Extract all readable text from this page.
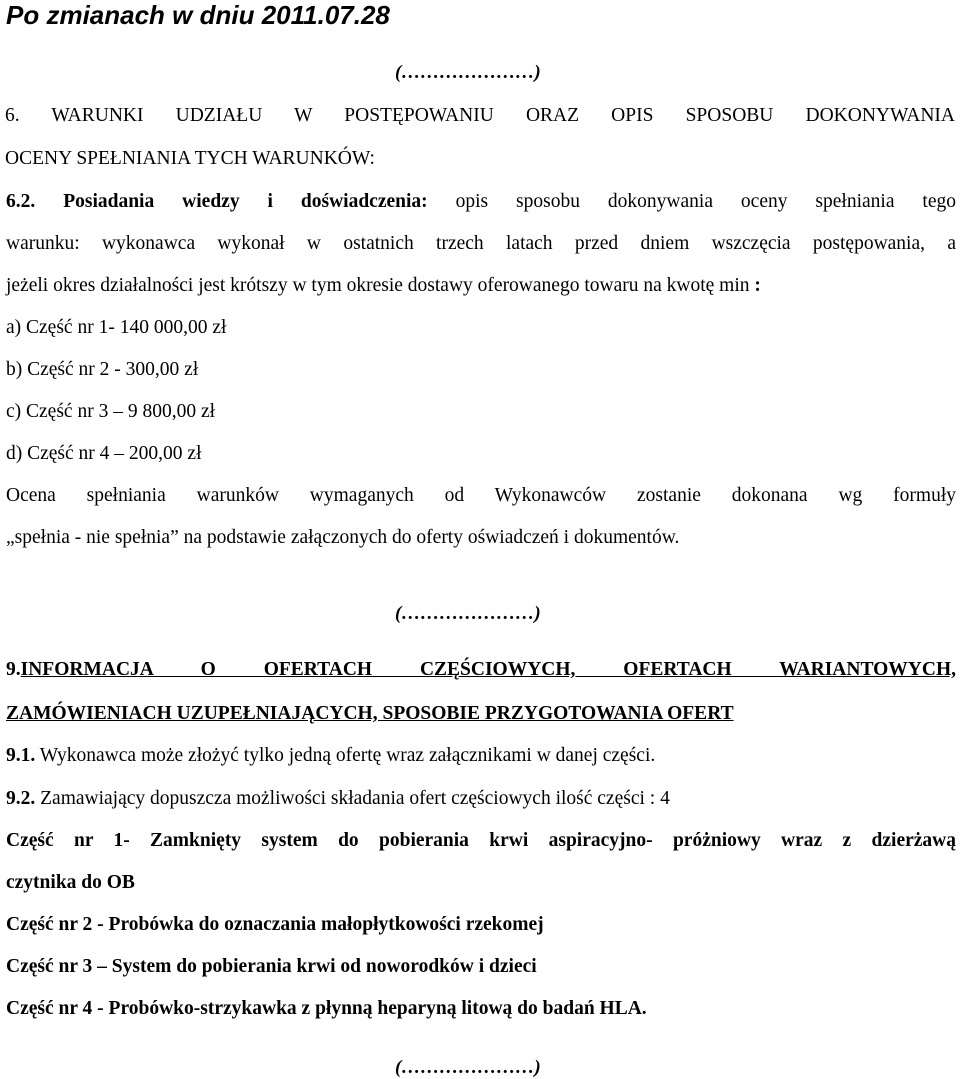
Po zmianach w dniu 2011.07.28
(…………………)
6. WARUNKI UDZIAŁU W POSTĘPOWANIU ORAZ OPIS SPOSOBU DOKONYWANIA
OCENY SPEŁNIANIA TYCH WARUNKÓW:
6.2. Posiadania wiedzy i doświadczenia: opis sposobu dokonywania oceny spełniania tego
warunku: wykonawca wykonał w ostatnich trzech latach przed dniem wszczęcia postępowania, a
jeżeli okres działalności jest krótszy w tym okresie dostawy oferowanego towaru na kwotę min :
a) Część nr 1- 140 000,00 zł
b) Część nr 2 - 300,00 zł
c) Część nr 3 – 9 800,00 zł
d) Część nr 4 – 200,00 zł
Ocena spełniania warunków wymaganych od Wykonawców zostanie dokonana wg formuły
„spełnia - nie spełnia” na podstawie załączonych do oferty oświadczeń i dokumentów.
(…………………)
9.INFORMACJA O OFERTACH CZĘŚCIOWYCH, OFERTACH WARIANTOWYCH,
ZAMÓWIENIACH UZUPEŁNIAJĄCYCH, SPOSOBIE PRZYGOTOWANIA OFERT
9.1. Wykonawca może złożyć tylko jedną ofertę wraz załącznikami w danej części.
9.2. Zamawiający dopuszcza możliwości składania ofert częściowych ilość części : 4
Część nr 1- Zamknięty system do pobierania krwi aspiracyjno- próżniowy wraz z dzierżawą
czytnika do OB
Część nr 2 - Probówka do oznaczania małopłytkowości rzekomej
Część nr 3 – System do pobierania krwi od noworodków i dzieci
Część nr 4 - Probówko-strzykawka z płynną heparyną litową do badań HLA.
(…………………)
